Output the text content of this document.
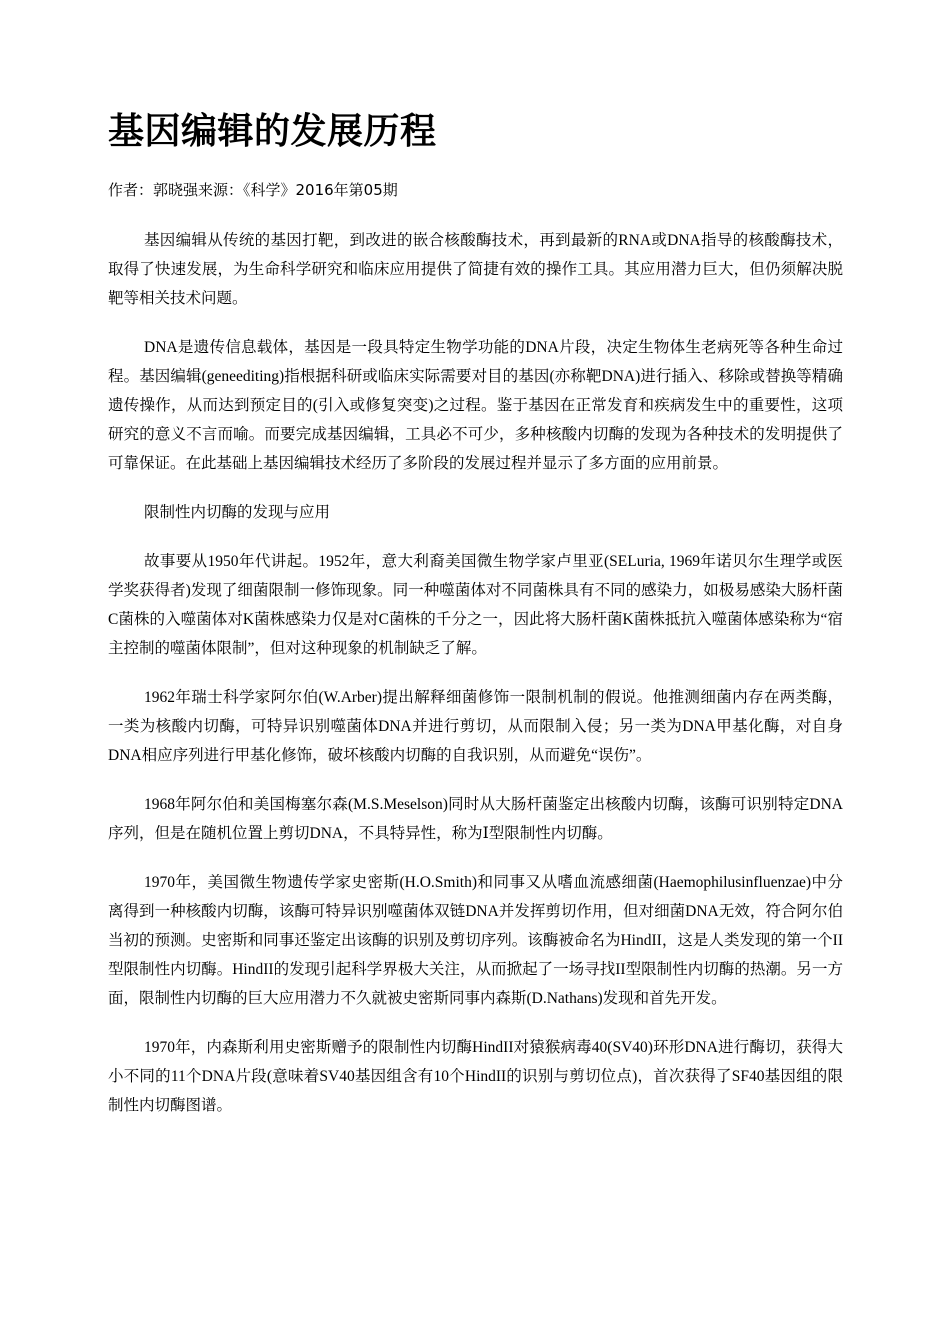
基因编辑的发展历程
作者：郭晓强来源：《科学》2016年第05期

基因编辑从传统的基因打靶，到改进的嵌合核酸酶技术，再到最新的RNA或DNA指导的核酸酶技术，取得了快速发展，为生命科学研究和临床应用提供了简捷有效的操作工具。其应用潜力巨大，但仍须解决脱靶等相关技术问题。

DNA是遗传信息载体，基因是一段具特定生物学功能的DNA片段，决定生物体生老病死等各种生命过程。基因编辑(geneediting)指根据科研或临床实际需要对目的基因(亦称靶DNA)进行插入、移除或替换等精确遗传操作，从而达到预定目的(引入或修复突变)之过程。鉴于基因在正常发育和疾病发生中的重要性，这项研究的意义不言而喻。而要完成基因编辑，工具必不可少，多种核酸内切酶的发现为各种技术的发明提供了可靠保证。在此基础上基因编辑技术经历了多阶段的发展过程并显示了多方面的应用前景。

限制性内切酶的发现与应用

故事要从1950年代讲起。1952年，意大利裔美国微生物学家卢里亚(SELuria, 1969年诺贝尔生理学或医学奖获得者)发现了细菌限制一修饰现象。同一种噬菌体对不同菌株具有不同的感染力，如极易感染大肠杆菌C菌株的入噬菌体对K菌株感染力仅是对C菌株的千分之一，因此将大肠杆菌K菌株抵抗入噬菌体感染称为“宿主控制的噬菌体限制”，但对这种现象的机制缺乏了解。

1962年瑞士科学家阿尔伯(W.Arber)提出解释细菌修饰一限制机制的假说。他推测细菌内存在两类酶，一类为核酸内切酶，可特异识别噬菌体DNA并进行剪切，从而限制入侵；另一类为DNA甲基化酶，对自身DNA相应序列进行甲基化修饰，破坏核酸内切酶的自我识别，从而避免“误伤”。

1968年阿尔伯和美国梅塞尔森(M.S.Meselson)同时从大肠杆菌鉴定出核酸内切酶，该酶可识别特定DNA序列，但是在随机位置上剪切DNA，不具特异性，称为Ⅰ型限制性内切酶。

1970年，美国微生物遗传学家史密斯(H.O.Smith)和同事又从嗜血流感细菌(Haemophilusinfluenzae)中分离得到一种核酸内切酶，该酶可特异识别噬菌体双链DNA并发挥剪切作用，但对细菌DNA无效，符合阿尔伯当初的预测。史密斯和同事还鉴定出该酶的识别及剪切序列。该酶被命名为HindII，这是人类发现的第一个II型限制性内切酶。HindII的发现引起科学界极大关注，从而掀起了一场寻找II型限制性内切酶的热潮。另一方面，限制性内切酶的巨大应用潜力不久就被史密斯同事内森斯(D.Nathans)发现和首先开发。

1970年，内森斯利用史密斯赠予的限制性内切酶HindII对猿猴病毒40(SV40)环形DNA进行酶切，获得大小不同的11个DNA片段(意味着SV40基因组含有10个HindII的识别与剪切位点)，首次获得了SF40基因组的限制性内切酶图谱。
